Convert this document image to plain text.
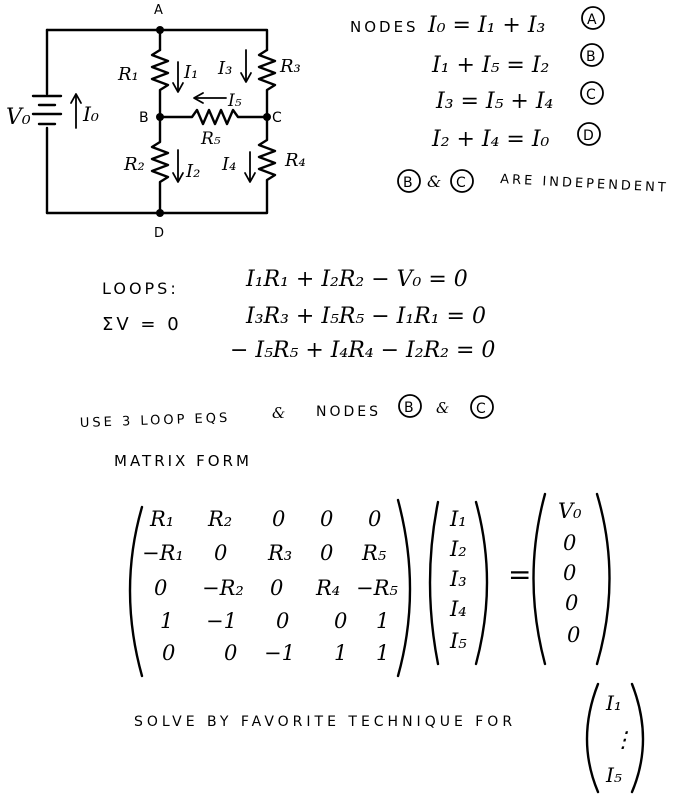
A
B	C
D
V₀	I₀
R₁	I₁ I₃	R₃
I₅
R₅
R₂ I₂ I₄	R₄
NODES I₀ = I₁ + I₃	A
I₁ + I₅ = I₂	B
I₃ = I₅ + I₄ C
I₂ + I₄ = I₀ D
B & C	ARE INDEPENDENT
LOOPS:
ΣV = 0
I₁R₁ + I₂R₂ − V₀ = 0
I₃R₃ + I₅R₅ − I₁R₁ = 0
− I₅R₅ + I₄R₄ − I₂R₂ = 0
USE 3 LOOP EQS	& NODES B & C
MATRIX FORM
R₁ R₂ 0 0 0
−R₁ 0 R₃ 0 R₅
0 −R₂ 0 R₄ −R₅
1 −1 0 0 1
0 0 −1 1 1
I₁
I₂
I₃
I₄
I₅
=
V₀
0
0
0
0
SOLVE BY FAVORITE TECHNIQUE FOR
I₁
⋮
I₅
